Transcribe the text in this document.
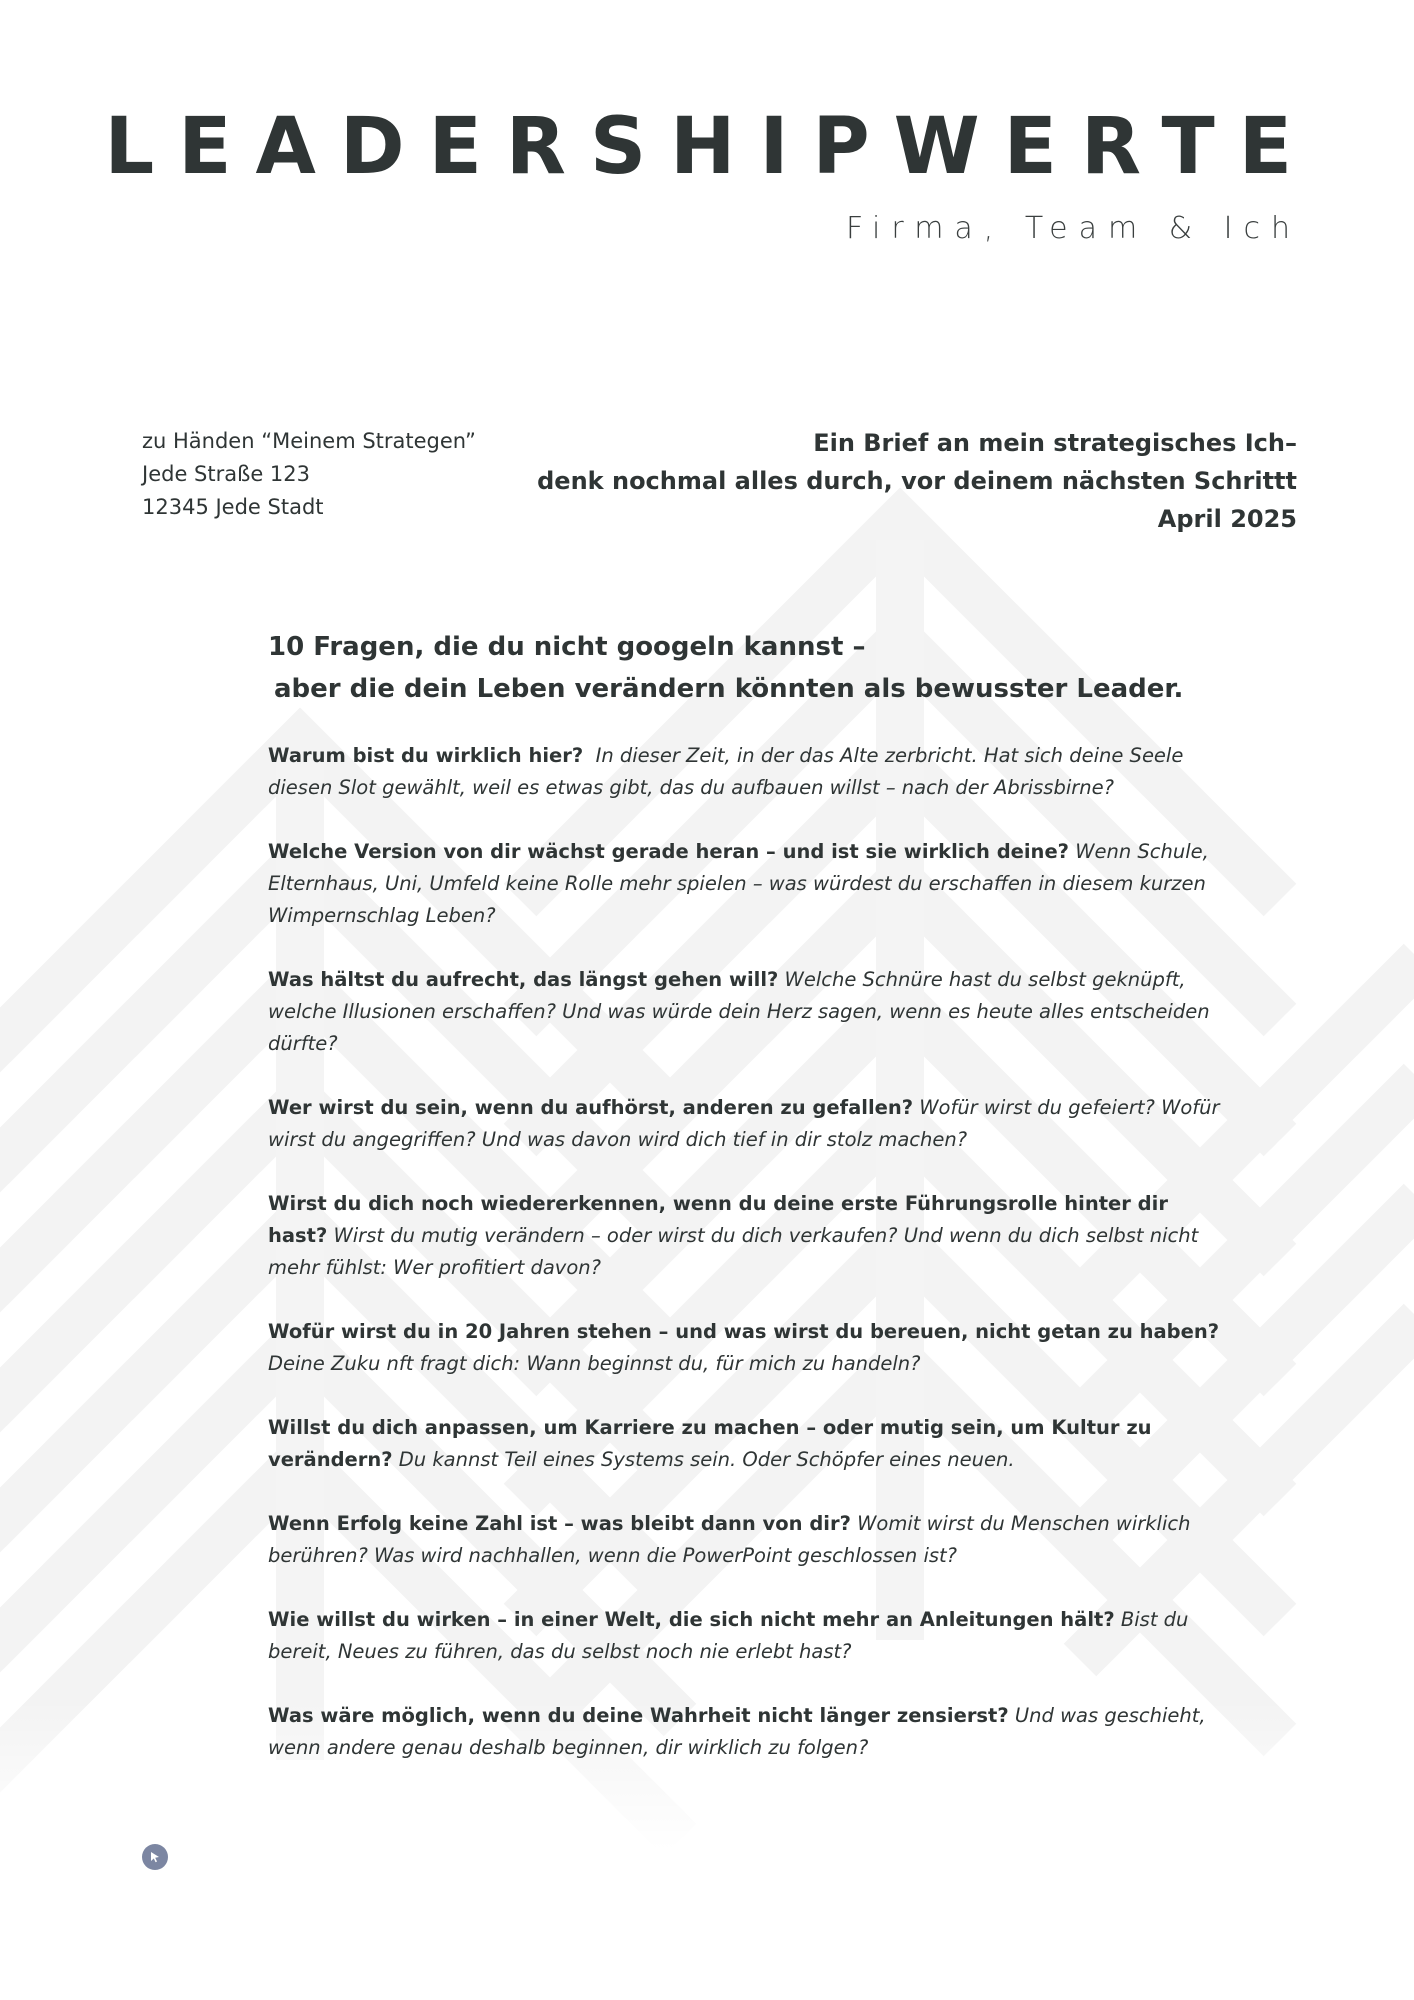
LEADERSHIPWERTE
Firma, Team & Ich
zu Händen “Meinem Strategen”
Jede Straße 123
12345 Jede Stadt
Ein Brief an mein strategisches Ich–
denk nochmal alles durch, vor deinem nächsten Schrittt
April 2025
10 Fragen, die du nicht googeln kannst –
aber die dein Leben verändern könnten als bewusster Leader.

Warum bist du wirklich hier? In dieser Zeit, in der das Alte zerbricht. Hat sich deine Seele diesen Slot gewählt, weil es etwas gibt, das du aufbauen willst – nach der Abrissbirne?

Welche Version von dir wächst gerade heran – und ist sie wirklich deine? Wenn Schule, Elternhaus, Uni, Umfeld keine Rolle mehr spielen – was würdest du erschaffen in diesem kurzen Wimpernschlag Leben?

Was hältst du aufrecht, das längst gehen will? Welche Schnüre hast du selbst geknüpft, welche Illusionen erschaffen? Und was würde dein Herz sagen, wenn es heute alles entscheiden dürfte?

Wer wirst du sein, wenn du aufhörst, anderen zu gefallen? Wofür wirst du gefeiert? Wofür wirst du angegriffen? Und was davon wird dich tief in dir stolz machen?

Wirst du dich noch wiedererkennen, wenn du deine erste Führungsrolle hinter dir hast? Wirst du mutig verändern – oder wirst du dich verkaufen? Und wenn du dich selbst nicht mehr fühlst: Wer profitiert davon?

Wofür wirst du in 20 Jahren stehen – und was wirst du bereuen, nicht getan zu haben? Deine Zuku nft fragt dich: Wann beginnst du, für mich zu handeln?

Willst du dich anpassen, um Karriere zu machen – oder mutig sein, um Kultur zu verändern? Du kannst Teil eines Systems sein. Oder Schöpfer eines neuen.

Wenn Erfolg keine Zahl ist – was bleibt dann von dir? Womit wirst du Menschen wirklich berühren? Was wird nachhallen, wenn die PowerPoint geschlossen ist?

Wie willst du wirken – in einer Welt, die sich nicht mehr an Anleitungen hält? Bist du bereit, Neues zu führen, das du selbst noch nie erlebt hast?

Was wäre möglich, wenn du deine Wahrheit nicht länger zensierst? Und was geschieht, wenn andere genau deshalb beginnen, dir wirklich zu folgen?
